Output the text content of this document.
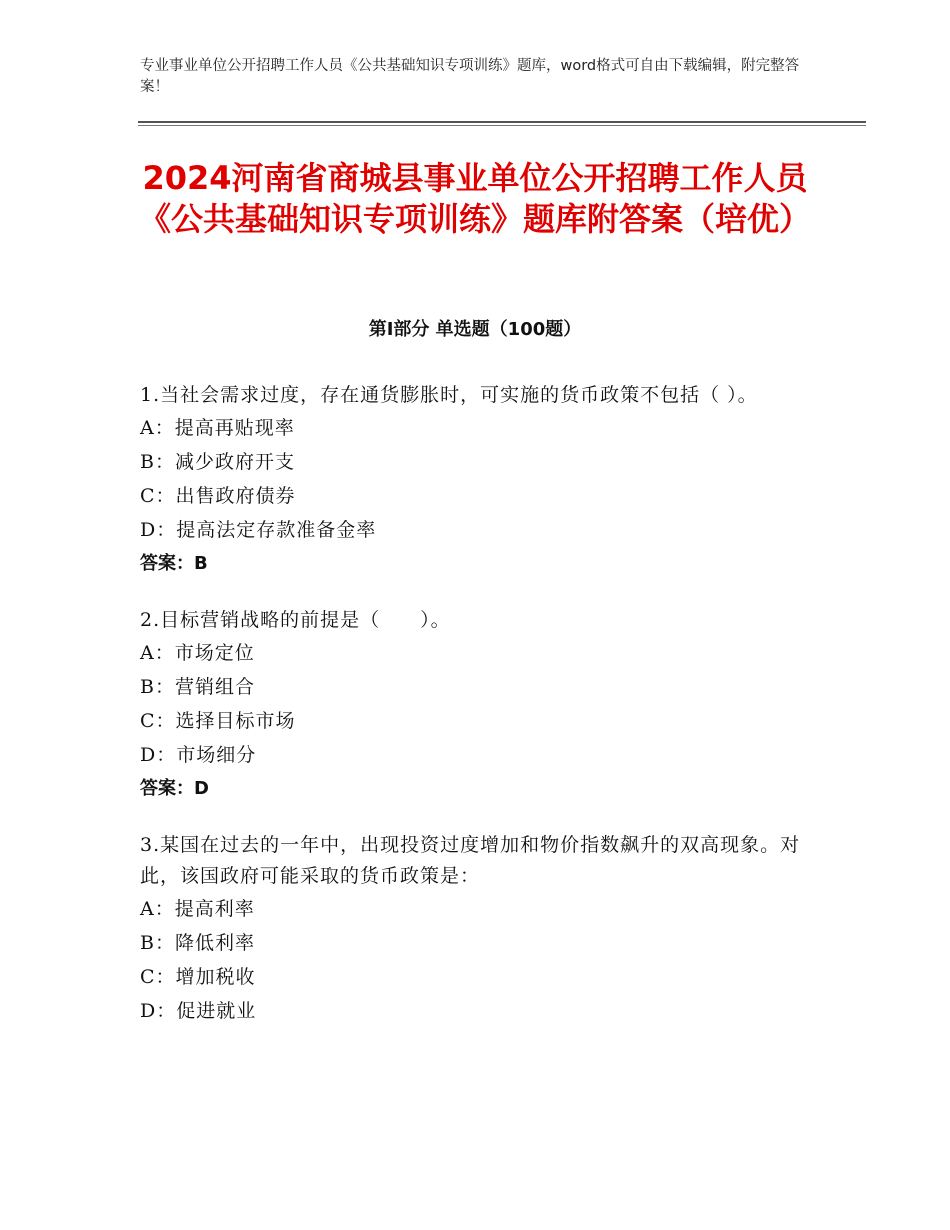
专业事业单位公开招聘工作人员《公共基础知识专项训练》题库，word格式可自由下载编辑，附完整答案！
2024河南省商城县事业单位公开招聘工作人员《公共基础知识专项训练》题库附答案（培优）
第Ⅰ部分 单选题（100题）
1.当社会需求过度，存在通货膨胀时，可实施的货币政策不包括（ ）。
A：提高再贴现率
B：减少政府开支
C：出售政府债券
D：提高法定存款准备金率
答案：B
2.目标营销战略的前提是（　　）。
A：市场定位
B：营销组合
C：选择目标市场
D：市场细分
答案：D
3.某国在过去的一年中，出现投资过度增加和物价指数飙升的双高现象。对此，该国政府可能采取的货币政策是：
A：提高利率
B：降低利率
C：增加税收
D：促进就业
